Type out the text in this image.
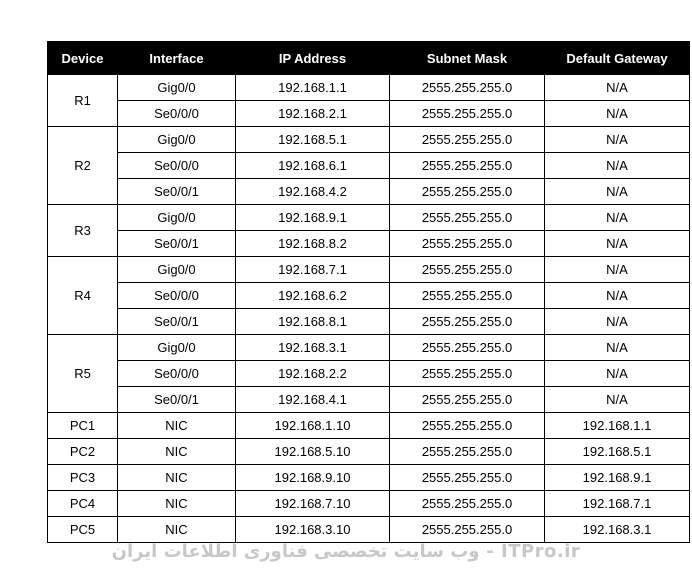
Device	Interface	IP Address	Subnet Mask	Default Gateway
R1	Gig0/0	192.168.1.1	2555.255.255.0	N/A
	Se0/0/0	192.168.2.1	2555.255.255.0	N/A
R2	Gig0/0	192.168.5.1	2555.255.255.0	N/A
	Se0/0/0	192.168.6.1	2555.255.255.0	N/A
	Se0/0/1	192.168.4.2	2555.255.255.0	N/A
R3	Gig0/0	192.168.9.1	2555.255.255.0	N/A
	Se0/0/1	192.168.8.2	2555.255.255.0	N/A
R4	Gig0/0	192.168.7.1	2555.255.255.0	N/A
	Se0/0/0	192.168.6.2	2555.255.255.0	N/A
	Se0/0/1	192.168.8.1	2555.255.255.0	N/A
R5	Gig0/0	192.168.3.1	2555.255.255.0	N/A
	Se0/0/0	192.168.2.2	2555.255.255.0	N/A
	Se0/0/1	192.168.4.1	2555.255.255.0	N/A
PC1	NIC	192.168.1.10	2555.255.255.0	192.168.1.1
PC2	NIC	192.168.5.10	2555.255.255.0	192.168.5.1
PC3	NIC	192.168.9.10	2555.255.255.0	192.168.9.1
PC4	NIC	192.168.7.10	2555.255.255.0	192.168.7.1
PC5	NIC	192.168.3.10	2555.255.255.0	192.168.3.1
ITPro.ir - وب سایت تخصصی فناوری اطلاعات ایران
